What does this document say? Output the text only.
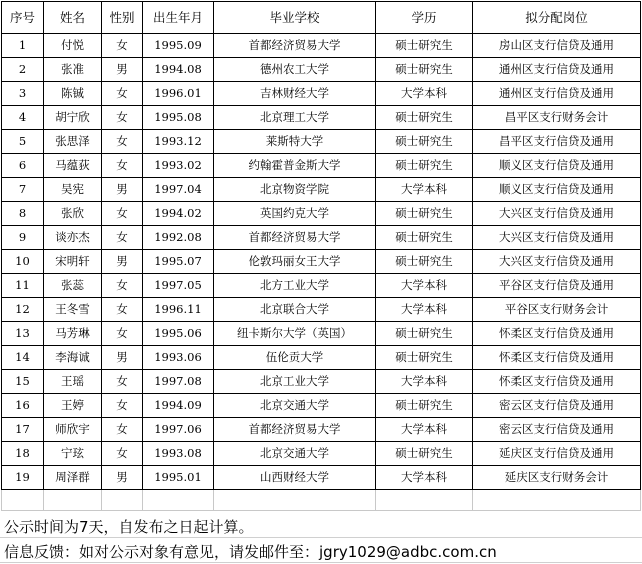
序号	姓名	性别	出生年月	毕业学校	学历	拟分配岗位
1	付悦	女	1995.09	首都经济贸易大学	硕士研究生	房山区支行信贷及通用
2	张准	男	1994.08	德州农工大学	硕士研究生	通州区支行信贷及通用
3	陈铖	女	1996.01	吉林财经大学	大学本科	通州区支行信贷及通用
4	胡宁欣	女	1995.08	北京理工大学	硕士研究生	昌平区支行财务会计
5	张思泽	女	1993.12	莱斯特大学	硕士研究生	昌平区支行信贷及通用
6	马蕴荻	女	1993.02	约翰霍普金斯大学	硕士研究生	顺义区支行信贷及通用
7	吴宪	男	1997.04	北京物资学院	大学本科	顺义区支行信贷及通用
8	张欣	女	1994.02	英国约克大学	硕士研究生	大兴区支行信贷及通用
9	谈亦杰	女	1992.08	首都经济贸易大学	硕士研究生	大兴区支行信贷及通用
10	宋明轩	男	1995.07	伦敦玛丽女王大学	硕士研究生	大兴区支行信贷及通用
11	张蕊	女	1997.05	北方工业大学	大学本科	平谷区支行信贷及通用
12	王冬雪	女	1996.11	北京联合大学	大学本科	平谷区支行财务会计
13	马芳琳	女	1995.06	纽卡斯尔大学（英国）	硕士研究生	怀柔区支行信贷及通用
14	李海诚	男	1993.06	伍伦贡大学	硕士研究生	怀柔区支行信贷及通用
15	王瑶	女	1997.08	北京工业大学	大学本科	怀柔区支行信贷及通用
16	王婷	女	1994.09	北京交通大学	硕士研究生	密云区支行信贷及通用
17	师欣宇	女	1997.06	首都经济贸易大学	大学本科	密云区支行信贷及通用
18	宁玹	女	1993.08	北京交通大学	硕士研究生	延庆区支行信贷及通用
19	周泽群	男	1995.01	山西财经大学	大学本科	延庆区支行财务会计

公示时间为7天，自发布之日起计算。
信息反馈：如对公示对象有意见，请发邮件至：jgry1029@adbc.com.cn
